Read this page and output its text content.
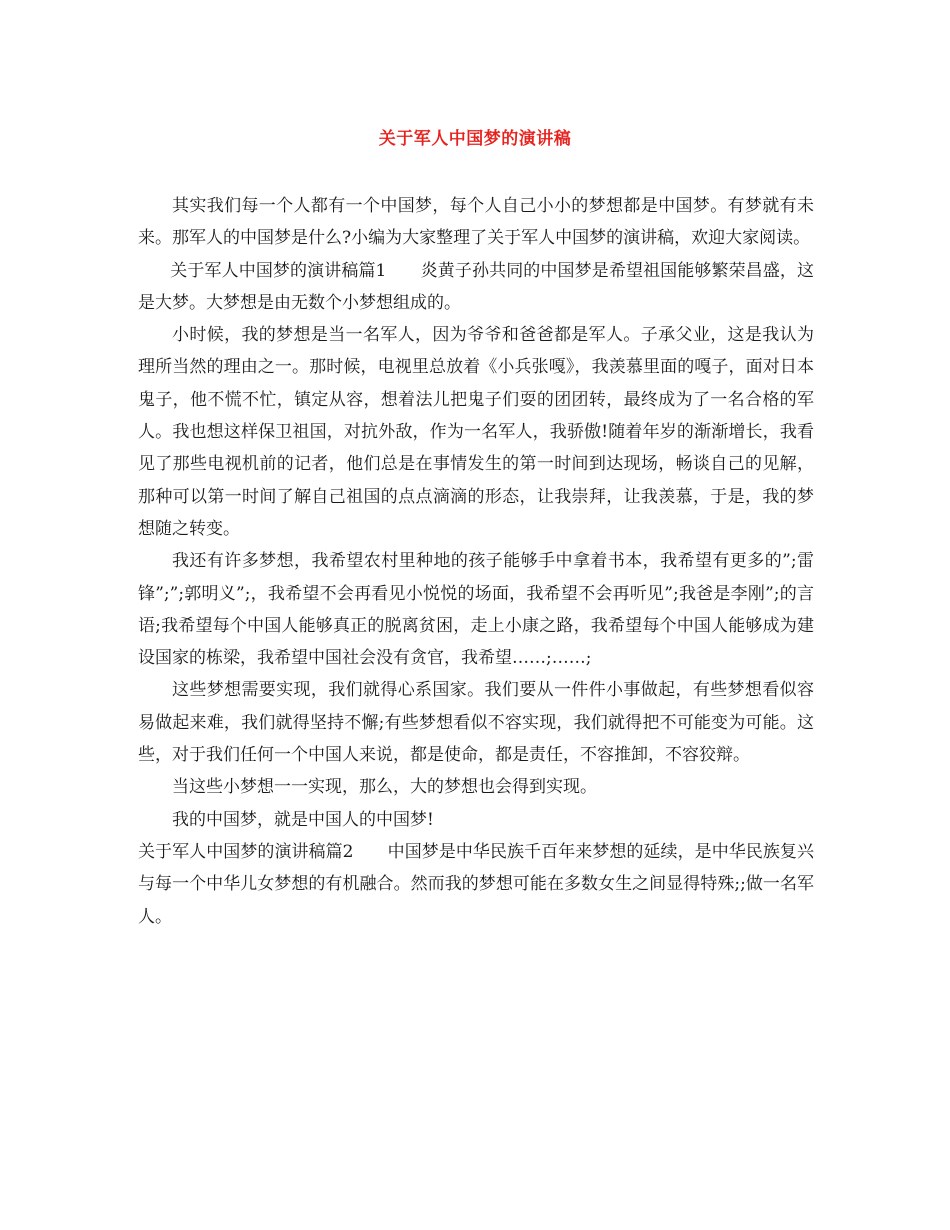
关于军人中国梦的演讲稿

其实我们每一个人都有一个中国梦，每个人自己小小的梦想都是中国梦。有梦就有未来。那军人的中国梦是什么?小编为大家整理了关于军人中国梦的演讲稿，欢迎大家阅读。

关于军人中国梦的演讲稿篇1　　炎黄子孙共同的中国梦是希望祖国能够繁荣昌盛，这是大梦。大梦想是由无数个小梦想组成的。

小时候，我的梦想是当一名军人，因为爷爷和爸爸都是军人。子承父业，这是我认为理所当然的理由之一。那时候，电视里总放着《小兵张嘎》，我羡慕里面的嘎子，面对日本鬼子，他不慌不忙，镇定从容，想着法儿把鬼子们耍的团团转，最终成为了一名合格的军人。我也想这样保卫祖国，对抗外敌，作为一名军人，我骄傲!随着年岁的渐渐增长，我看见了那些电视机前的记者，他们总是在事情发生的第一时间到达现场，畅谈自己的见解，那种可以第一时间了解自己祖国的点点滴滴的形态，让我崇拜，让我羡慕，于是，我的梦想随之转变。

我还有许多梦想，我希望农村里种地的孩子能够手中拿着书本，我希望有更多的”;雷锋”;”;郭明义”;，我希望不会再看见小悦悦的场面，我希望不会再听见”;我爸是李刚”;的言语;我希望每个中国人能够真正的脱离贫困，走上小康之路，我希望每个中国人能够成为建设国家的栋梁，我希望中国社会没有贪官，我希望……;……;

这些梦想需要实现，我们就得心系国家。我们要从一件件小事做起，有些梦想看似容易做起来难，我们就得坚持不懈;有些梦想看似不容实现，我们就得把不可能变为可能。这些，对于我们任何一个中国人来说，都是使命，都是责任，不容推卸，不容狡辩。

当这些小梦想一一实现，那么，大的梦想也会得到实现。

我的中国梦，就是中国人的中国梦!

关于军人中国梦的演讲稿篇2　　中国梦是中华民族千百年来梦想的延续，是中华民族复兴与每一个中华儿女梦想的有机融合。然而我的梦想可能在多数女生之间显得特殊;;做一名军人。
